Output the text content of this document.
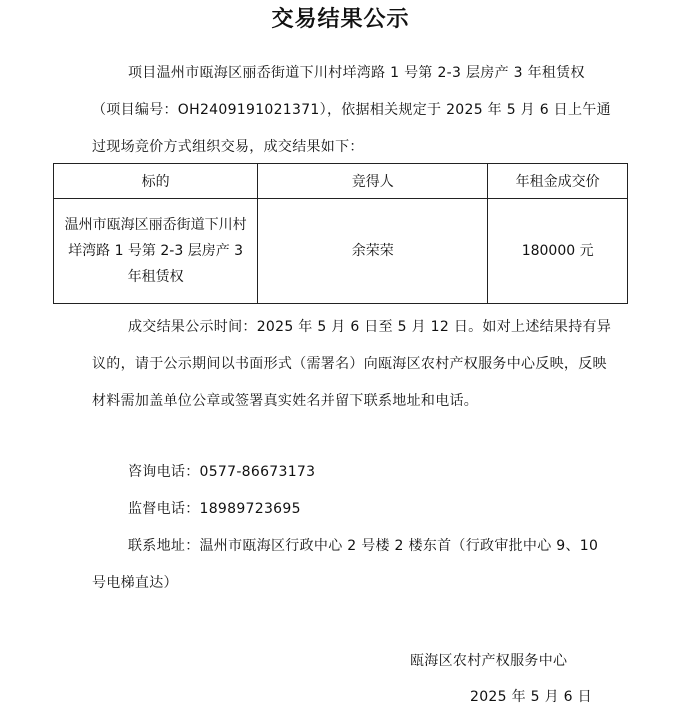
交易结果公示

项目温州市瓯海区丽岙街道下川村垟湾路 1 号第 2-3 层房产 3 年租赁权（项目编号：OH2409191021371），依据相关规定于 2025 年 5 月 6 日上午通过现场竞价方式组织交易，成交结果如下：

标的	竞得人	年租金成交价
温州市瓯海区丽岙街道下川村垟湾路 1 号第 2-3 层房产 3 年租赁权	余荣荣	180000 元

成交结果公示时间：2025 年 5 月 6 日至 5 月 12 日。如对上述结果持有异议的，请于公示期间以书面形式（需署名）向瓯海区农村产权服务中心反映，反映材料需加盖单位公章或签署真实姓名并留下联系地址和电话。

咨询电话：0577-86673173

监督电话：18989723695

联系地址：温州市瓯海区行政中心 2 号楼 2 楼东首（行政审批中心 9、10 号电梯直达）

瓯海区农村产权服务中心
2025 年 5 月 6 日
